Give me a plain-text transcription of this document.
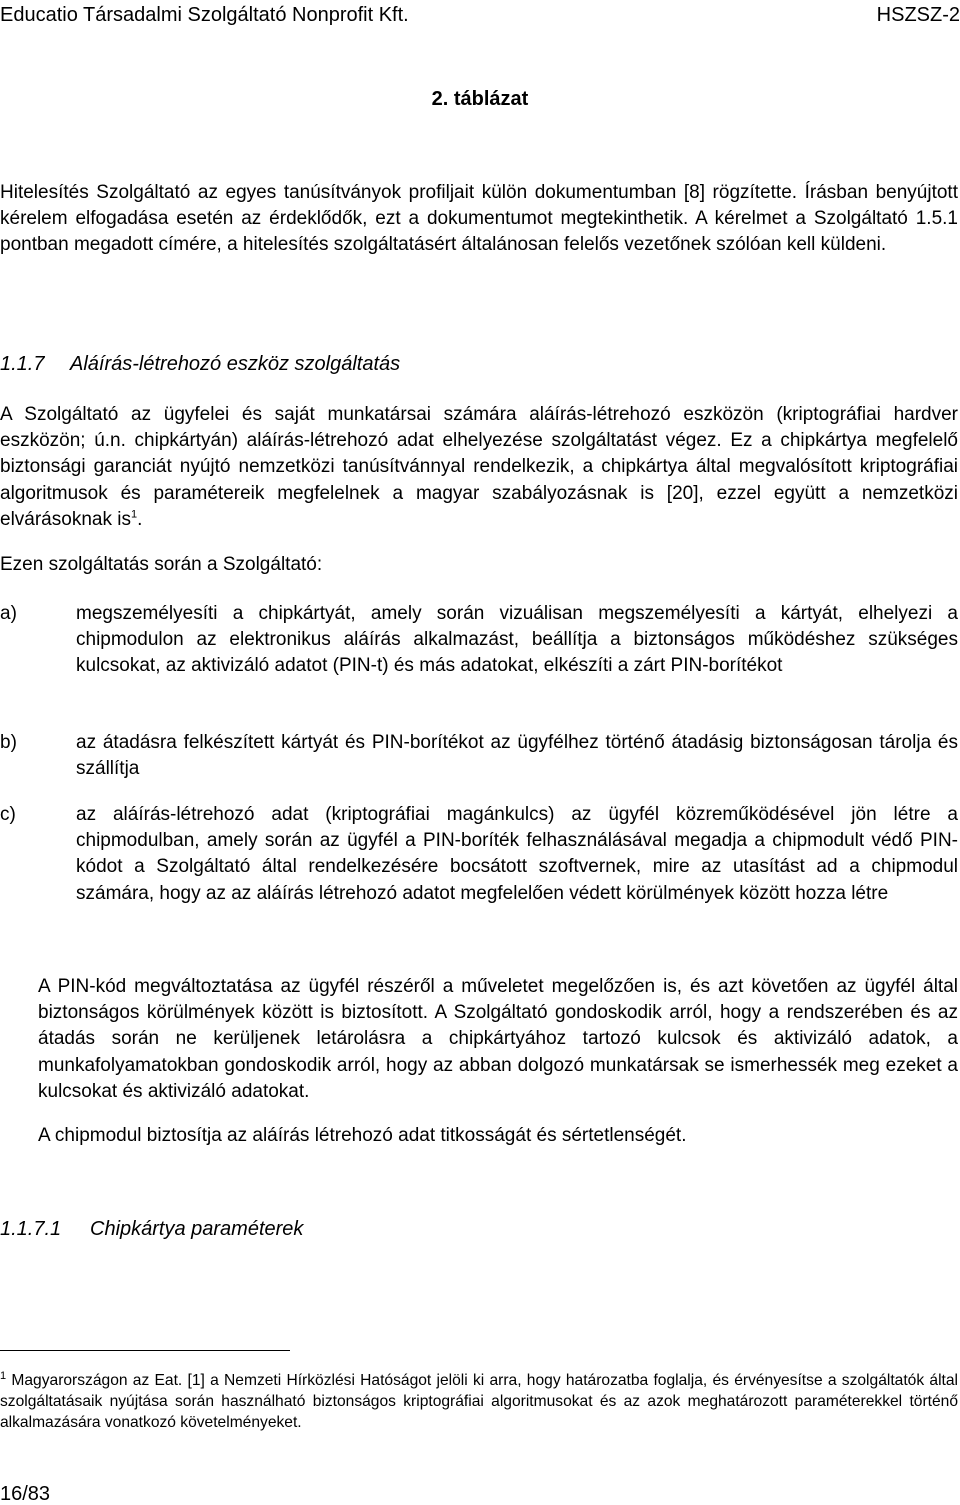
Educatio Társadalmi Szolgáltató Nonprofit Kft.	HSZSZ-2
2. táblázat

Hitelesítés Szolgáltató az egyes tanúsítványok profiljait külön dokumentumban [8] rögzítette. Írásban benyújtott kérelem elfogadása esetén az érdeklődők, ezt a dokumentumot megtekinthetik. A kérelmet a Szolgáltató 1.5.1 pontban megadott címére, a hitelesítés szolgáltatásért általánosan felelős vezetőnek szólóan kell küldeni.

1.1.7 Aláírás-létrehozó eszköz szolgáltatás

A Szolgáltató az ügyfelei és saját munkatársai számára aláírás-létrehozó eszközön (kriptográfiai hardver eszközön; ú.n. chipkártyán) aláírás-létrehozó adat elhelyezése szolgáltatást végez. Ez a chipkártya megfelelő biztonsági garanciát nyújtó nemzetközi tanúsítvánnyal rendelkezik, a chipkártya által megvalósított kriptográfiai algoritmusok és paramétereik megfelelnek a magyar szabályozásnak is [20], ezzel együtt a nemzetközi elvárásoknak $is^1$.

Ezen szolgáltatás során a Szolgáltató:

a)	megszemélyesíti a chipkártyát, amely során vizuálisan megszemélyesíti a kártyát, elhelyezi a chipmodulon az elektronikus aláírás alkalmazást, beállítja a biztonságos működéshez szükséges kulcsokat, az aktivizáló adatot (PIN-t) és más adatokat, elkészíti a zárt PIN-borítékot
b)	az átadásra felkészített kártyát és PIN-borítékot az ügyfélhez történő átadásig biztonságosan tárolja és szállítja
c)	az aláírás-létrehozó adat (kriptográfiai magánkulcs) az ügyfél közreműködésével jön létre a chipmodulban, amely során az ügyfél a PIN-boríték felhasználásával megadja a chipmodult védő PIN-kódot a Szolgáltató által rendelkezésére bocsátott szoftvernek, mire az utasítást ad a chipmodul számára, hogy az az aláírás létrehozó adatot megfelelően védett körülmények között hozza létre

A PIN-kód megváltoztatása az ügyfél részéről a műveletet megelőzően is, és azt követően az ügyfél által biztonságos körülmények között is biztosított. A Szolgáltató gondoskodik arról, hogy a rendszerében és az átadás során ne kerüljenek letárolásra a chipkártyához tartozó kulcsok és aktivizáló adatok, a munkafolyamatokban gondoskodik arról, hogy az abban dolgozó munkatársak se ismerhessék meg ezeket a kulcsokat és aktivizáló adatokat.

A chipmodul biztosítja az aláírás létrehozó adat titkosságát és sértetlenségét.

1.1.7.1 Chipkártya paraméterek
$^1$ Magyarországon az Eat. [1] a Nemzeti Hírközlési Hatóságot jelöli ki arra, hogy határozatba foglalja, és érvényesítse a szolgáltatók által szolgáltatásaik nyújtása során használható biztonságos kriptográfiai algoritmusokat és az azok meghatározott paraméterekkel történő alkalmazására vonatkozó követelményeket.
16/83
